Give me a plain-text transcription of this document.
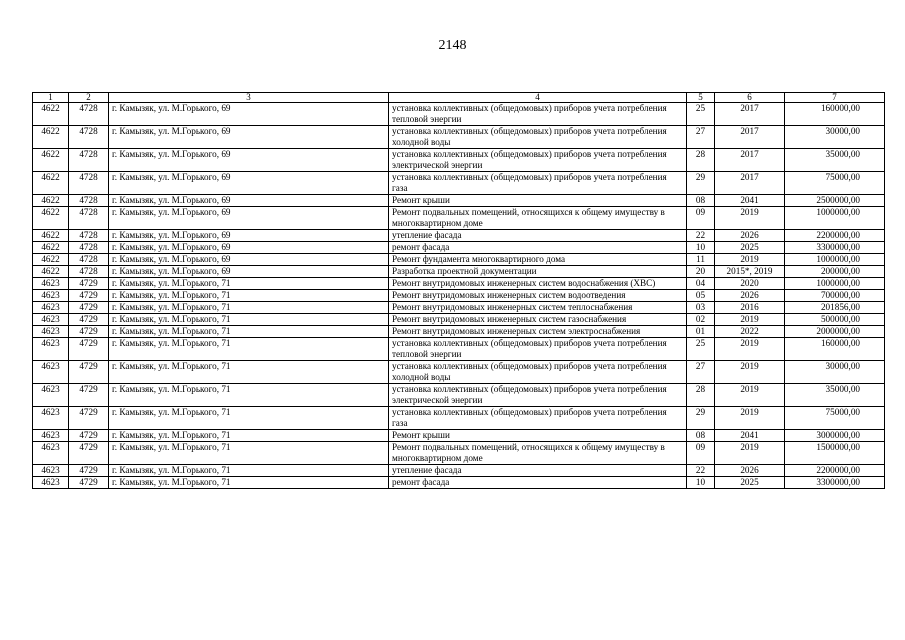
2148
1	2	3	4	5	6	7
4622	4728	г. Камызяк, ул. М.Горького, 69	установка коллективных (общедомовых) приборов учета потребления тепловой энергии	25	2017	160000,00
4622	4728	г. Камызяк, ул. М.Горького, 69	установка коллективных (общедомовых) приборов учета потребления холодной воды	27	2017	30000,00
4622	4728	г. Камызяк, ул. М.Горького, 69	установка коллективных (общедомовых) приборов учета потребления электрической энергии	28	2017	35000,00
4622	4728	г. Камызяк, ул. М.Горького, 69	установка коллективных (общедомовых) приборов учета потребления газа	29	2017	75000,00
4622	4728	г. Камызяк, ул. М.Горького, 69	Ремонт крыши	08	2041	2500000,00
4622	4728	г. Камызяк, ул. М.Горького, 69	Ремонт подвальных помещений, относящихся к общему имуществу в многоквартирном доме	09	2019	1000000,00
4622	4728	г. Камызяк, ул. М.Горького, 69	утепление фасада	22	2026	2200000,00
4622	4728	г. Камызяк, ул. М.Горького, 69	ремонт фасада	10	2025	3300000,00
4622	4728	г. Камызяк, ул. М.Горького, 69	Ремонт фундамента многоквартирного дома	11	2019	1000000,00
4622	4728	г. Камызяк, ул. М.Горького, 69	Разработка проектной документации	20	2015*, 2019	200000,00
4623	4729	г. Камызяк, ул. М.Горького, 71	Ремонт внутридомовых инженерных систем водоснабжения (ХВС)	04	2020	1000000,00
4623	4729	г. Камызяк, ул. М.Горького, 71	Ремонт внутридомовых инженерных систем водоотведения	05	2026	700000,00
4623	4729	г. Камызяк, ул. М.Горького, 71	Ремонт внутридомовых инженерных систем теплоснабжения	03	2016	201856,00
4623	4729	г. Камызяк, ул. М.Горького, 71	Ремонт внутридомовых инженерных систем газоснабжения	02	2019	500000,00
4623	4729	г. Камызяк, ул. М.Горького, 71	Ремонт внутридомовых инженерных систем электроснабжения	01	2022	2000000,00
4623	4729	г. Камызяк, ул. М.Горького, 71	установка коллективных (общедомовых) приборов учета потребления тепловой энергии	25	2019	160000,00
4623	4729	г. Камызяк, ул. М.Горького, 71	установка коллективных (общедомовых) приборов учета потребления холодной воды	27	2019	30000,00
4623	4729	г. Камызяк, ул. М.Горького, 71	установка коллективных (общедомовых) приборов учета потребления электрической энергии	28	2019	35000,00
4623	4729	г. Камызяк, ул. М.Горького, 71	установка коллективных (общедомовых) приборов учета потребления газа	29	2019	75000,00
4623	4729	г. Камызяк, ул. М.Горького, 71	Ремонт крыши	08	2041	3000000,00
4623	4729	г. Камызяк, ул. М.Горького, 71	Ремонт подвальных помещений, относящихся к общему имуществу в многоквартирном доме	09	2019	1500000,00
4623	4729	г. Камызяк, ул. М.Горького, 71	утепление фасада	22	2026	2200000,00
4623	4729	г. Камызяк, ул. М.Горького, 71	ремонт фасада	10	2025	3300000,00
